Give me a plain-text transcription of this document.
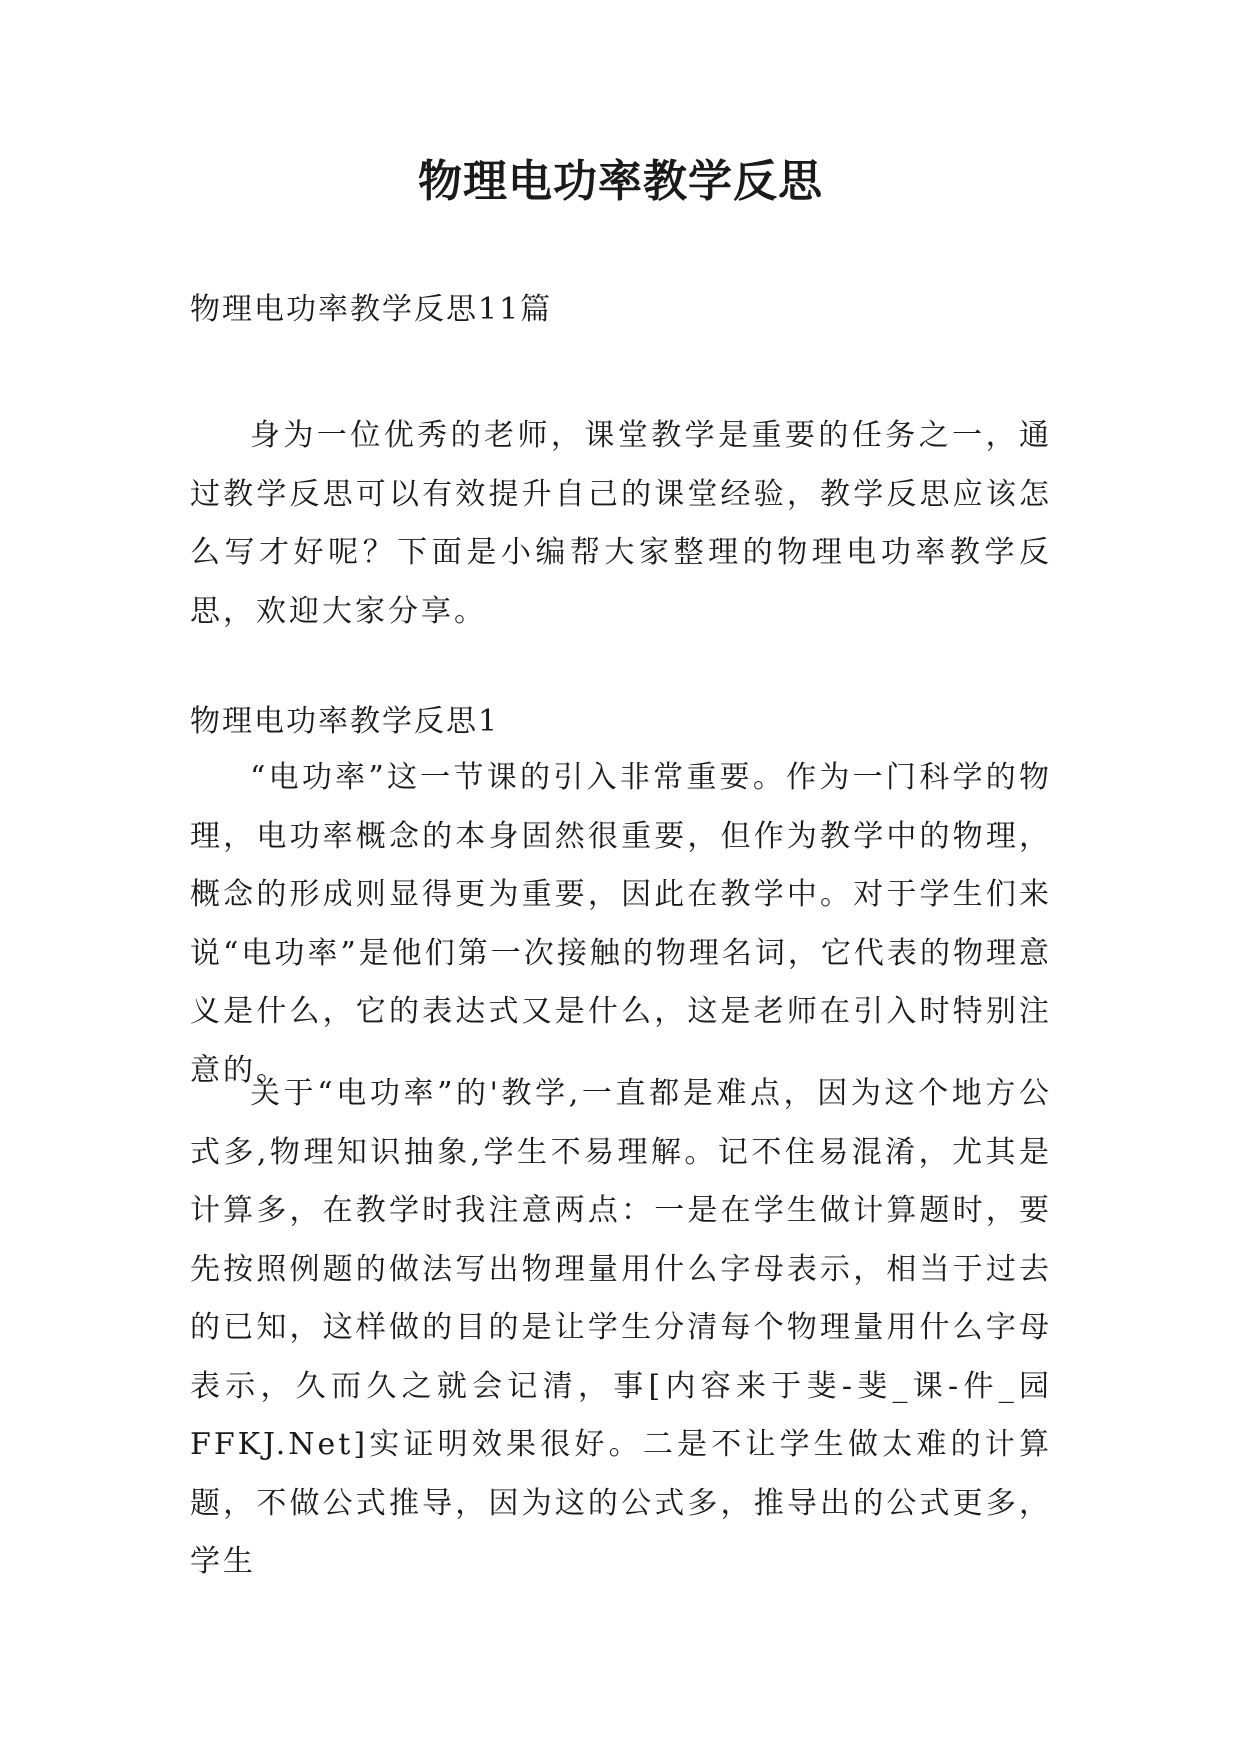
物理电功率教学反思

物理电功率教学反思11篇

身为一位优秀的老师，课堂教学是重要的任务之一，通过教学反思可以有效提升自己的课堂经验，教学反思应该怎么写才好呢？下面是小编帮大家整理的物理电功率教学反思，欢迎大家分享。

物理电功率教学反思1

“电功率”这一节课的引入非常重要。作为一门科学的物理，电功率概念的本身固然很重要，但作为教学中的物理，概念的形成则显得更为重要，因此在教学中。对于学生们来说“电功率”是他们第一次接触的物理名词，它代表的物理意义是什么，它的表达式又是什么，这是老师在引入时特别注意的。

关于“电功率”的'教学,一直都是难点，因为这个地方公式多,物理知识抽象,学生不易理解。记不住易混淆，尤其是计算多，在教学时我注意两点：一是在学生做计算题时，要先按照例题的做法写出物理量用什么字母表示，相当于过去的已知，这样做的目的是让学生分清每个物理量用什么字母表示，久而久之就会记清，事[内容来于斐-斐_课-件_园FFKJ.Net]实证明效果很好。二是不让学生做太难的计算题，不做公式推导，因为这的公式多，推导出的公式更多，学生
